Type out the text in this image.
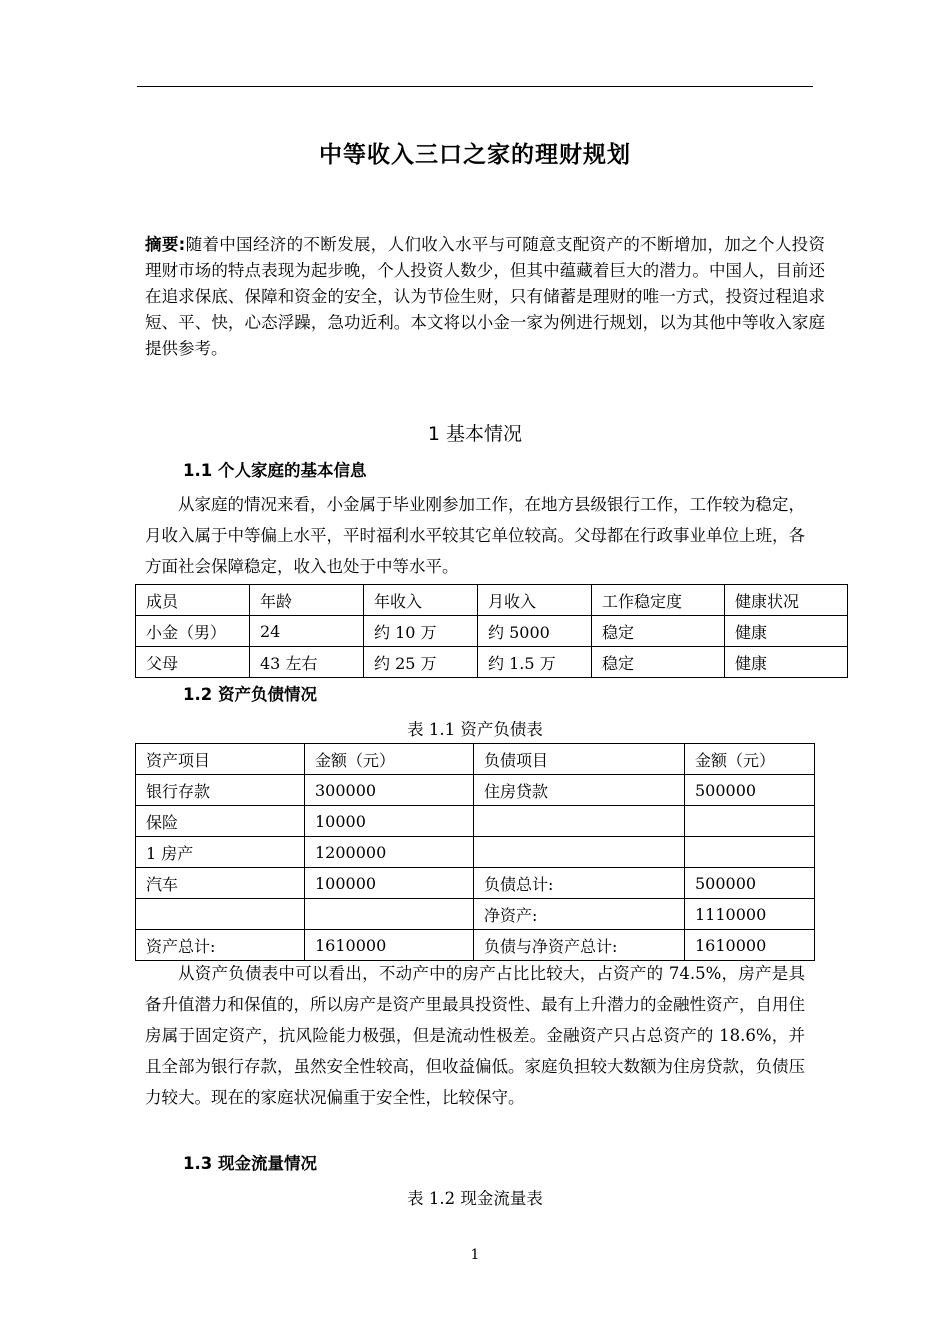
中等收入三口之家的理财规划
摘要:随着中国经济的不断发展，人们收入水平与可随意支配资产的不断增加，加之个人投资理财市场的特点表现为起步晚，个人投资人数少，但其中蕴藏着巨大的潜力。中国人，目前还在追求保底、保障和资金的安全，认为节俭生财，只有储蓄是理财的唯一方式，投资过程追求短、平、快，心态浮躁，急功近利。本文将以小金一家为例进行规划，以为其他中等收入家庭提供参考。
1 基本情况
1.1 个人家庭的基本信息
从家庭的情况来看，小金属于毕业刚参加工作，在地方县级银行工作，工作较为稳定，月收入属于中等偏上水平，平时福利水平较其它单位较高。父母都在行政事业单位上班，各方面社会保障稳定，收入也处于中等水平。
成员	年龄	年收入	月收入	工作稳定度	健康状况
小金（男）	24	约 10 万	约 5000	稳定	健康
父母	43 左右	约 25 万	约 1.5 万	稳定	健康
1.2 资产负债情况
表 1.1 资产负债表
资产项目	金额（元）	负债项目	金额（元）
银行存款	300000	住房贷款	500000
保险	10000		
1 房产	1200000		
汽车	100000	负债总计:	500000
		净资产:	1110000
资产总计:	1610000	负债与净资产总计:	1610000
从资产负债表中可以看出，不动产中的房产占比比较大，占资产的 74.5%，房产是具备升值潜力和保值的，所以房产是资产里最具投资性、最有上升潜力的金融性资产，自用住房属于固定资产，抗风险能力极强，但是流动性极差。金融资产只占总资产的 18.6%，并且全部为银行存款，虽然安全性较高，但收益偏低。家庭负担较大数额为住房贷款，负债压力较大。现在的家庭状况偏重于安全性，比较保守。
1.3 现金流量情况
表 1.2 现金流量表
1
